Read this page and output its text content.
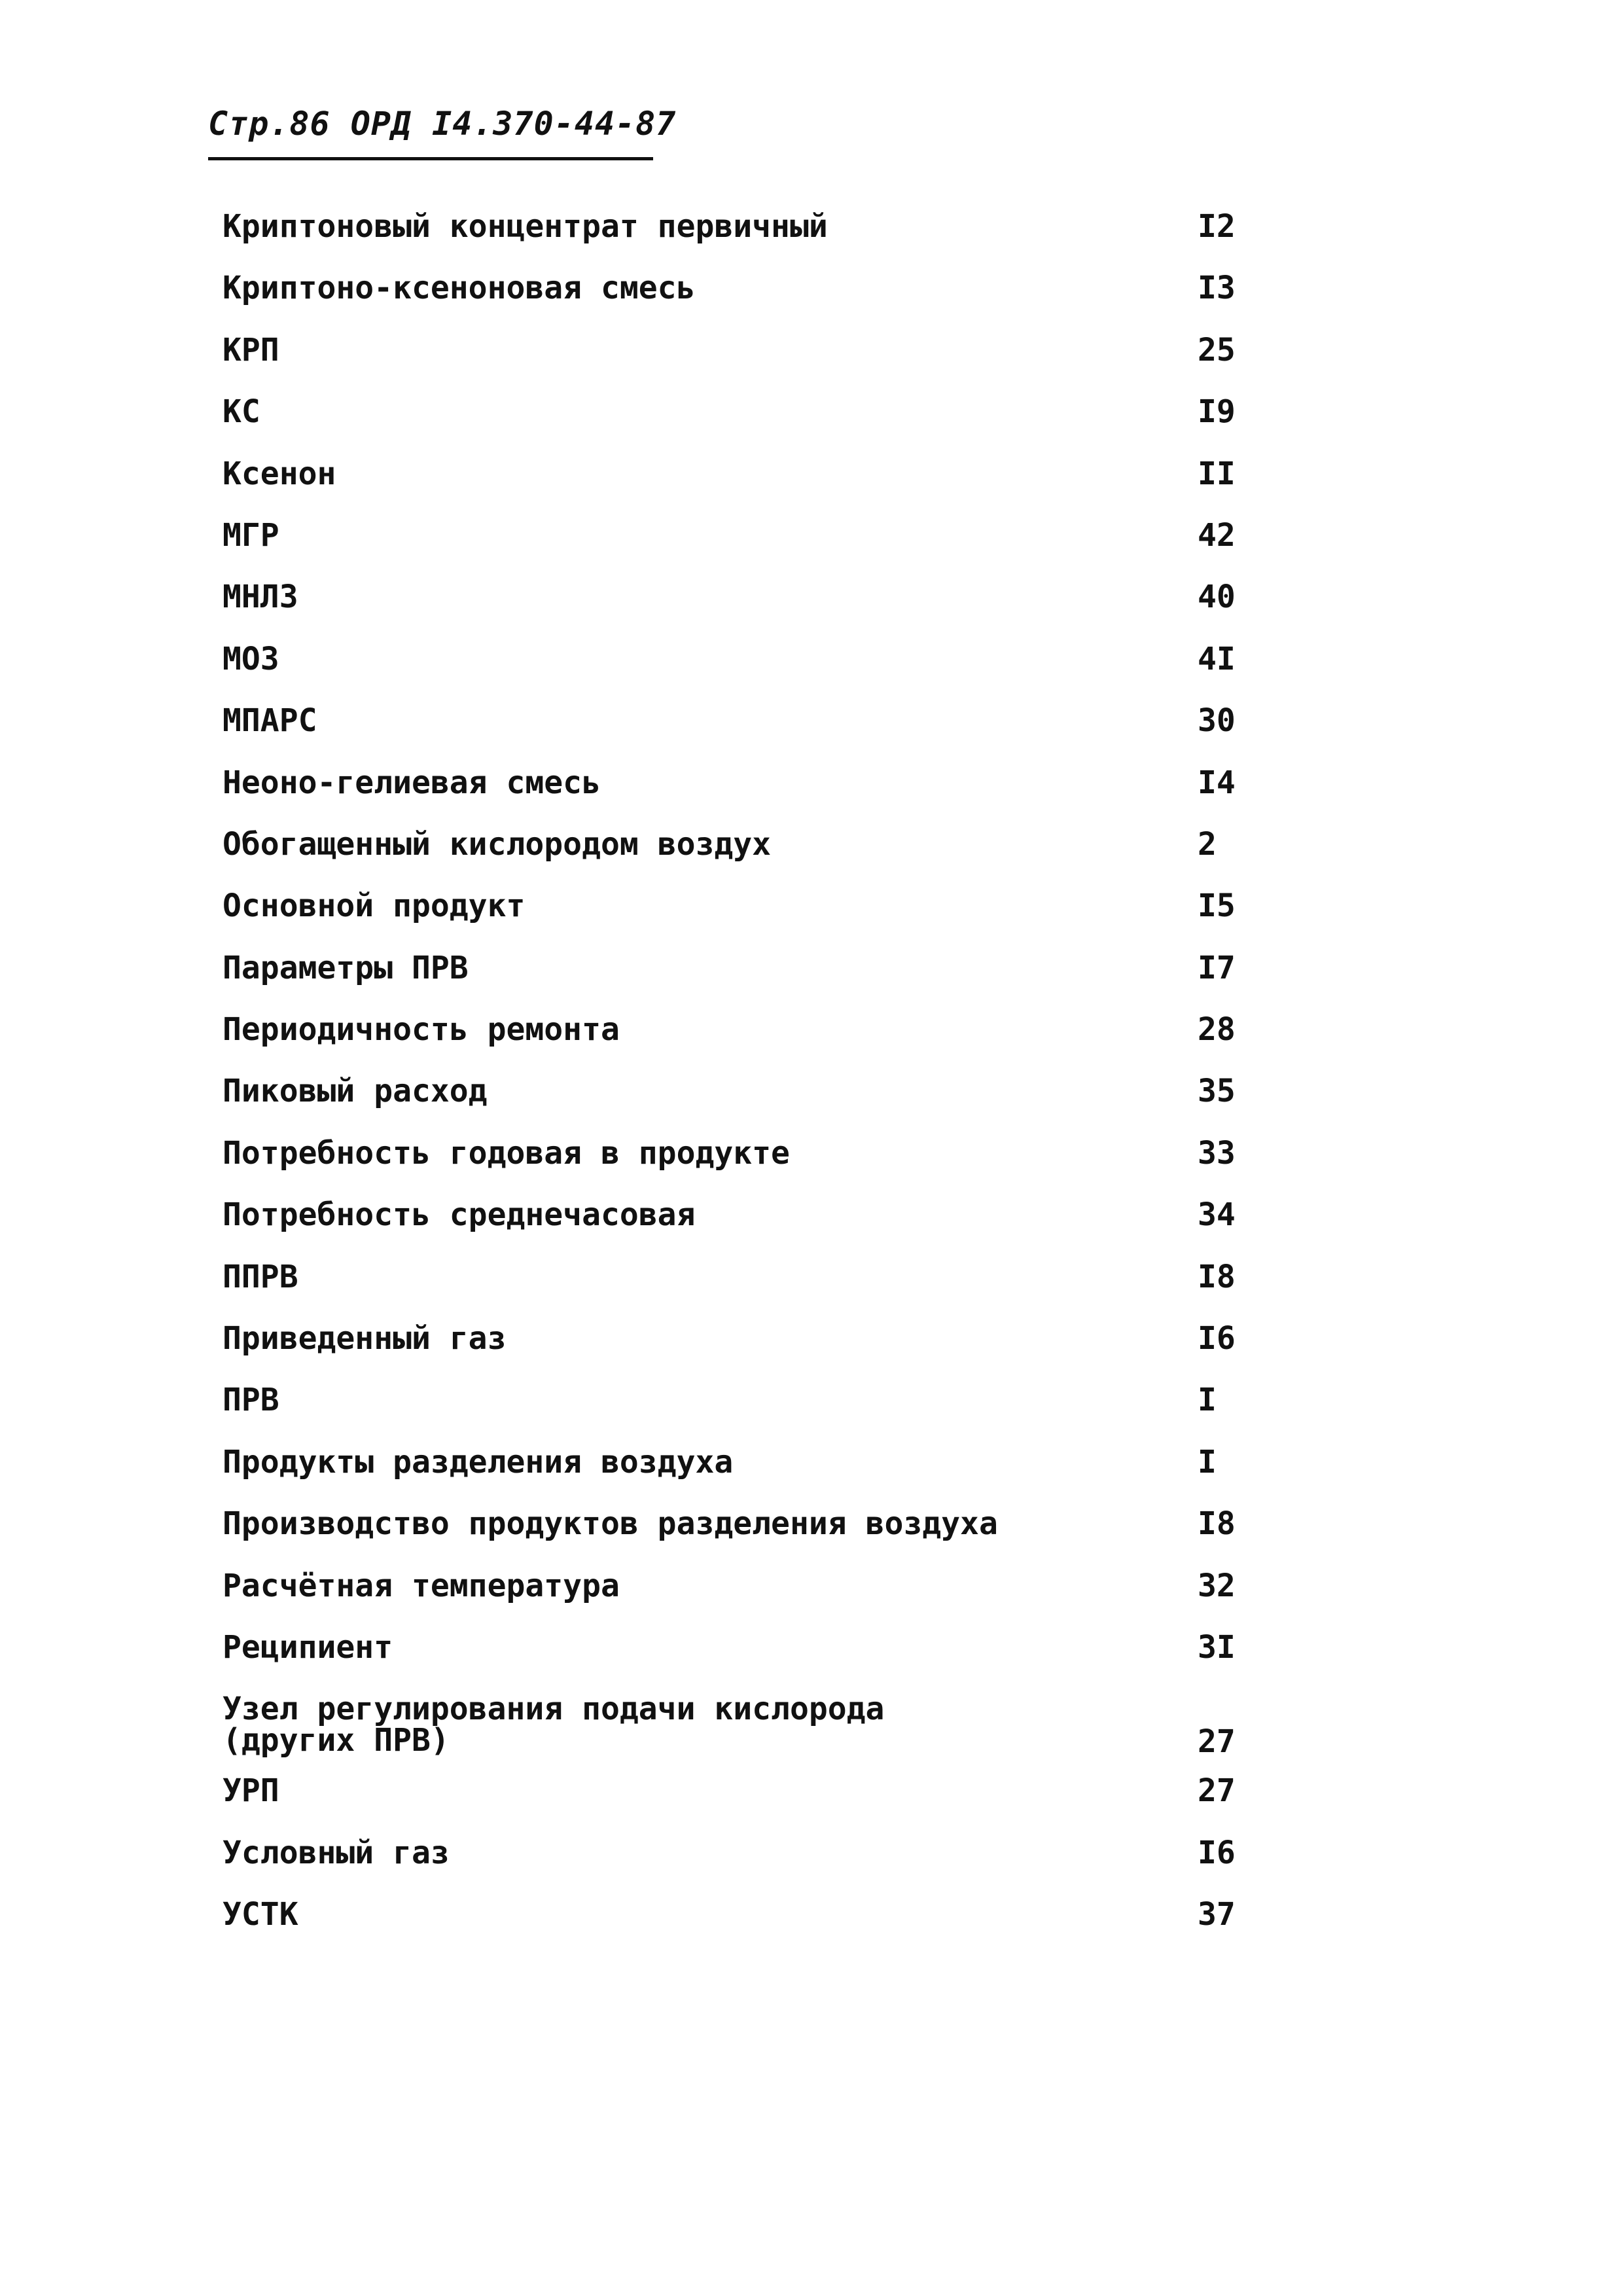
Стр.86 ОРД I4.370-44-87
Криптоновый концентрат первичный	I2
Криптоно-ксеноновая смесь	I3
КРП	25
КС	I9
Ксенон	II
МГР	42
МНЛЗ	40
МОЗ	4I
МПАРС	30
Неоно-гелиевая смесь	I4
Обогащенный кислородом воздух	2
Основной продукт	I5
Параметры ПРВ	I7
Периодичность ремонта	28
Пиковый расход	35
Потребность годовая в продукте	33
Потребность среднечасовая	34
ППРВ	I8
Приведенный газ	I6
ПРВ	I
Продукты разделения воздуха	I
Производство продуктов разделения воздуха	I8
Расчётная температура	32
Реципиент	3I
Узел регулирования подачи кислорода
(других ПРВ)	27
УРП	27
Условный газ	I6
УСТК	37
